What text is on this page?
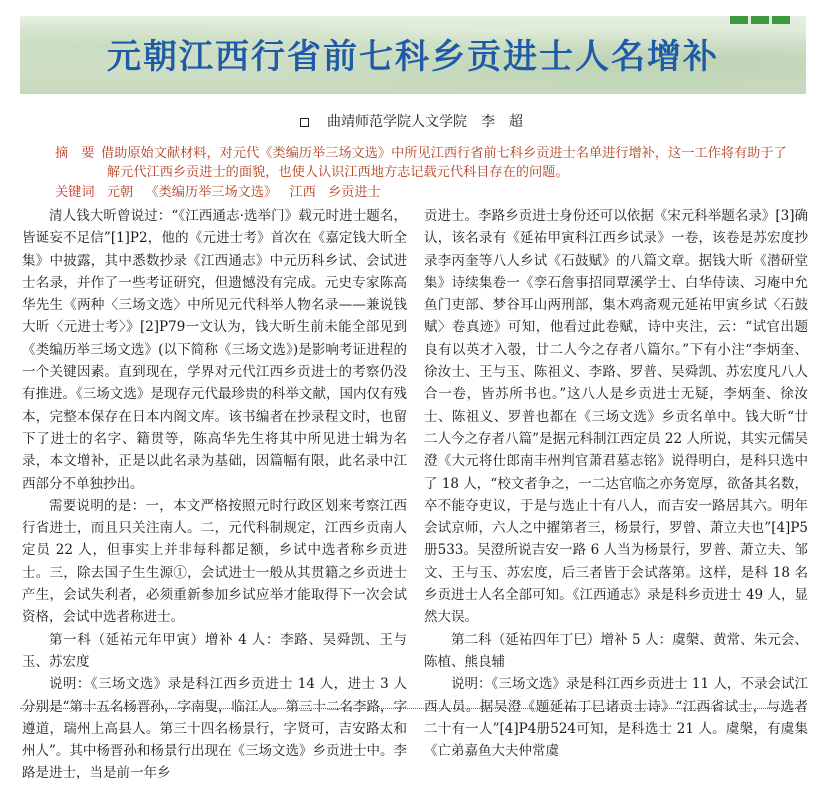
元朝江西行省前七科乡贡进士人名增补
曲靖师范学院人文学院　李　超
摘　要 借助原始文献材料，对元代《类编历举三场文选》中所见江西行省前七科乡贡进士名单进行增补，这一工作将有助于了
解元代江西乡贡进士的面貌，也使人认识江西地方志记载元代科目存在的问题。
关键词 元朝 《类编历举三场文选》 江西 乡贡进士

清人钱大昕曾说过：“《江西通志·选举门》载元时进士题名，皆诞妄不足信”[1]P2，他的《元进士考》首次在《嘉定钱大昕全集》中披露，其中悉数抄录《江西通志》中元历科乡试、会试进士名录，并作了一些考证研究，但遗憾没有完成。元史专家陈高华先生《两种〈三场文选〉中所见元代科举人物名录——兼说钱大昕〈元进士考〉》[2]P79一文认为，钱大昕生前未能全部见到《类编历举三场文选》(以下简称《三场文选》)是影响考证进程的一个关键因素。直到现在，学界对元代江西乡贡进士的考察仍没有推进。《三场文选》是现存元代最珍贵的科举文献，国内仅有残本，完整本保存在日本内阁文库。该书编者在抄录程文时，也留下了进士的名字、籍贯等，陈高华先生将其中所见进士辑为名录，本文增补，正是以此名录为基础，因篇幅有限，此名录中江西部分不单独抄出。

需要说明的是：一，本文严格按照元时行政区划来考察江西行省进士，而且只关注南人。二，元代科制规定，江西乡贡南人定员 22 人，但事实上并非每科都足额，乡试中选者称乡贡进士。三，除去国子生生源①，会试进士一般从其贯籍之乡贡进士产生，会试失利者，必须重新参加乡试应举才能取得下一次会试资格，会试中选者称进士。

第一科（延祐元年甲寅）增补 4 人：李路、吴舜凯、王与玉、苏宏度

说明：《三场文选》录是科江西乡贡进士 14 人，进士 3 人分别是“第十五名杨晋孙，字南叟，临江人。第三十二名李路，字遵道，瑞州上高县人。第三十四名杨景行，字贤可，吉安路太和州人”。其中杨晋孙和杨景行出现在《三场文选》乡贡进士中。李路是进士，当是前一年乡

贡进士。李路乡贡进士身份还可以依据《宋元科举题名录》[3]确认，该名录有《延祐甲寅科江西乡试录》一卷，该卷是苏宏度抄录李丙奎等八人乡试《石鼓赋》的八篇文章。据钱大昕《潜研堂集》诗续集卷一《孪石詹事招同覃溪学士、白华侍读、习庵中允鱼门吏部、梦谷耳山两刑部，集木鸡斋观元延祐甲寅乡试〈石鼓赋〉卷真迹》可知，他看过此卷赋，诗中夹注，云：“试官出题良有以英才入彀，廿二人今之存者八篇尔。”下有小注“李炳奎、徐汝士、王与玉、陈祖义、李路、罗普、吴舜凯、苏宏度凡八人合一卷，皆苏所书也。”这八人是乡贡进士无疑，李炳奎、徐汝士、陈祖义、罗普也都在《三场文选》乡贡名单中。钱大昕“廿二人今之存者八篇”是据元科制江西定员 22 人所说，其实元儒吴澄《大元将仕郎南丰州判官萧君墓志铭》说得明白，是科只选中了 18 人，“校文者争之，一二达官临之亦务宽厚，欲备其名数，卒不能夺吏议，于是与选止十有八人，而吉安一路居其六。明年会试京师，六人之中擢第者三，杨景行，罗曾、萧立夫也”[4]P5册533。吴澄所说吉安一路 6 人当为杨景行，罗普、萧立夫、邹文、王与玉、苏宏度，后三者皆于会试落第。这样，是科 18 名乡贡进士人名全部可知。《江西通志》录是科乡贡进士 49 人，显然大误。

第二科（延祐四年丁巳）增补 5 人：虞槃、黄常、朱元会、陈植、熊良辅

说明：《三场文选》录是科江西乡贡进士 11 人，不录会试江西人员。据吴澄《题延祐丁巳诸贡士诗》“江西省试士，与选者二十有一人”[4]P4册524可知，是科选士 21 人。虞槃，有虞集《亡弟嘉鱼大夫仲常虞
